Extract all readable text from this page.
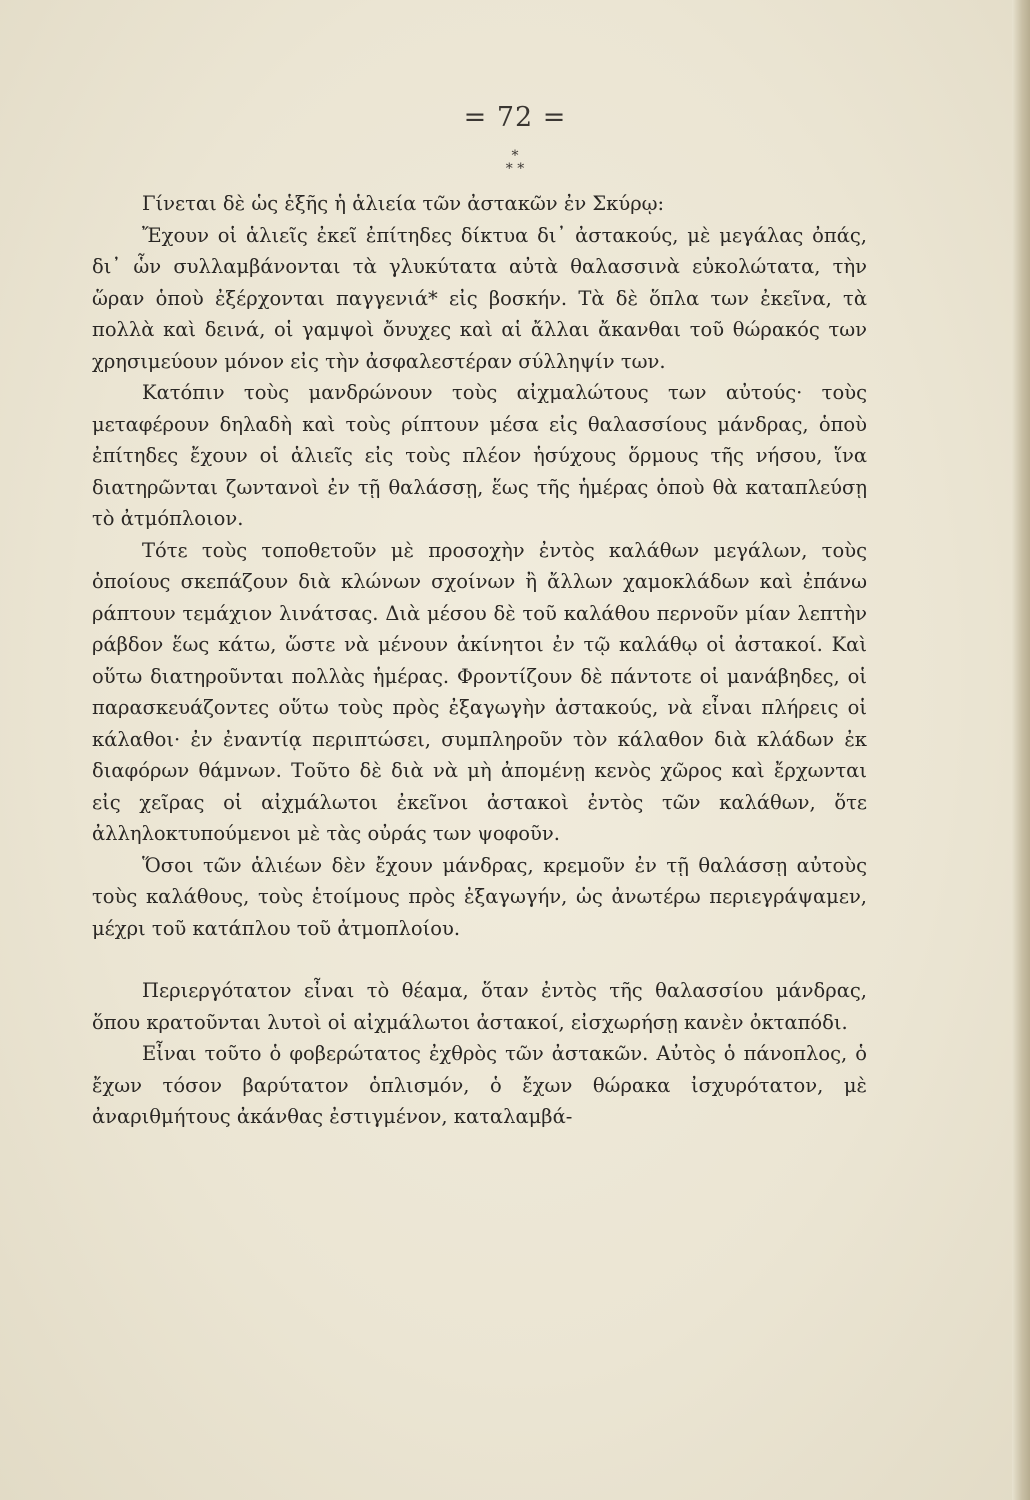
= 72 =
*
* *

Γίνεται δὲ ὡς ἑξῆς ἡ ἁλιεία τῶν ἀστακῶν ἐν Σκύρῳ:

Ἔχουν οἱ ἁλιεῖς ἐκεῖ ἐπίτηδες δίκτυα δι᾽ ἀστακούς, μὲ μεγάλας ὀπάς, δι᾽ ὧν συλλαμβάνονται τὰ γλυκύτατα αὐτὰ θαλασσινὰ εὐκολώτατα, τὴν ὥραν ὁποὺ ἐξέρχονται παγγενιά* εἰς βοσκήν. Τὰ δὲ ὅπλα των ἐκεῖνα, τὰ πολλὰ καὶ δεινά, οἱ γαμψοὶ ὄνυχες καὶ αἱ ἄλλαι ἄκανθαι τοῦ θώρακός των χρησιμεύουν μόνον εἰς τὴν ἀσφαλεστέραν σύλληψίν των.

Κατόπιν τοὺς μανδρώνουν τοὺς αἰχμαλώτους των αὐτούς· τοὺς μεταφέρουν δηλαδὴ καὶ τοὺς ρίπτουν μέσα εἰς θαλασσίους μάνδρας, ὁποὺ ἐπίτηδες ἔχουν οἱ ἁλιεῖς εἰς τοὺς πλέον ἡσύχους ὅρμους τῆς νήσου, ἵνα διατηρῶνται ζωντανοὶ ἐν τῇ θαλάσσῃ, ἕως τῆς ἡμέρας ὁποὺ θὰ καταπλεύσῃ τὸ ἀτμόπλοιον.

Τότε τοὺς τοποθετοῦν μὲ προσοχὴν ἐντὸς καλάθων μεγάλων, τοὺς ὁποίους σκεπάζουν διὰ κλώνων σχοίνων ἢ ἄλλων χαμοκλάδων καὶ ἐπάνω ράπτουν τεμάχιον λινάτσας. Διὰ μέσου δὲ τοῦ καλάθου περνοῦν μίαν λεπτὴν ράβδον ἕως κάτω, ὥστε νὰ μένουν ἀκίνητοι ἐν τῷ καλάθῳ οἱ ἀστακοί. Καὶ οὕτω διατηροῦνται πολλὰς ἡμέρας. Φροντίζουν δὲ πάντοτε οἱ μανάβηδες, οἱ παρασκευάζοντες οὕτω τοὺς πρὸς ἐξαγωγὴν ἀστακούς, νὰ εἶναι πλήρεις οἱ κάλαθοι· ἐν ἐναντίᾳ περιπτώσει, συμπληροῦν τὸν κάλαθον διὰ κλάδων ἐκ διαφόρων θάμνων. Τοῦτο δὲ διὰ νὰ μὴ ἀπομένῃ κενὸς χῶρος καὶ ἔρχωνται εἰς χεῖρας οἱ αἰχμάλωτοι ἐκεῖνοι ἀστακοὶ ἐντὸς τῶν καλάθων, ὅτε ἀλληλοκτυπούμενοι μὲ τὰς οὐράς των ψοφοῦν.

Ὅσοι τῶν ἁλιέων δὲν ἔχουν μάνδρας, κρεμοῦν ἐν τῇ θαλάσσῃ αὐτοὺς τοὺς καλάθους, τοὺς ἑτοίμους πρὸς ἐξαγωγήν, ὡς ἀνωτέρω περιεγράψαμεν, μέχρι τοῦ κατάπλου τοῦ ἀτμοπλοίου.

Περιεργότατον εἶναι τὸ θέαμα, ὅταν ἐντὸς τῆς θαλασσίου μάνδρας, ὅπου κρατοῦνται λυτοὶ οἱ αἰχμάλωτοι ἀστακοί, εἰσχωρήσῃ κανὲν ὀκταπόδι.

Εἶναι τοῦτο ὁ φοβερώτατος ἐχθρὸς τῶν ἀστακῶν. Αὐτὸς ὁ πάνοπλος, ὁ ἔχων τόσον βαρύτατον ὁπλισμόν, ὁ ἔχων θώρακα ἰσχυρότατον, μὲ ἀναριθμήτους ἀκάνθας ἐστιγμένον, καταλαμβά-
